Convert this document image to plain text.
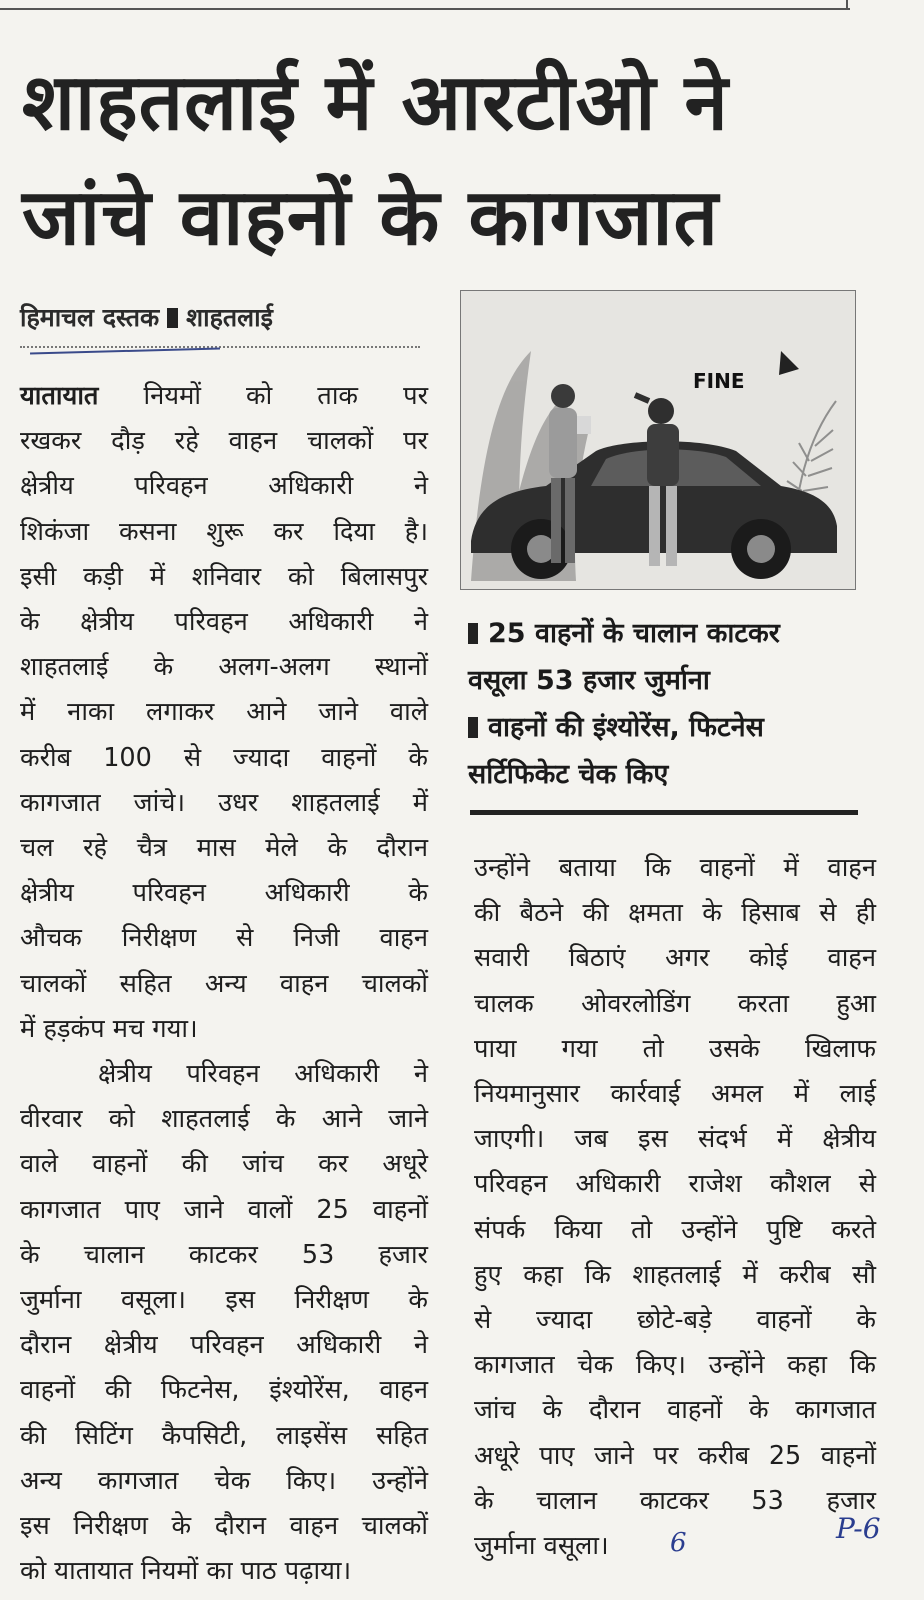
शाहतलाई में आरटीओ ने
जांचे वाहनों के कागजात
हिमाचल दस्तक शाहतलाई
FINE
25 वाहनों के चालान काटकर
वसूला 53 हजार जुर्माना
वाहनों की इंश्योरेंस, फिटनेस
सर्टिफिकेट चेक किए
यातायात नियमों को ताक पर
रखकर दौड़ रहे वाहन चालकों पर
क्षेत्रीय परिवहन अधिकारी ने
शिकंजा कसना शुरू कर दिया है।
इसी कड़ी में शनिवार को बिलासपुर
के क्षेत्रीय परिवहन अधिकारी ने
शाहतलाई के अलग-अलग स्थानों
में नाका लगाकर आने जाने वाले
करीब 100 से ज्यादा वाहनों के
कागजात जांचे। उधर शाहतलाई में
चल रहे चैत्र मास मेले के दौरान
क्षेत्रीय परिवहन अधिकारी के
औचक निरीक्षण से निजी वाहन
चालकों सहित अन्य वाहन चालकों
में हड़कंप मच गया।
क्षेत्रीय परिवहन अधिकारी ने
वीरवार को शाहतलाई के आने जाने
वाले वाहनों की जांच कर अधूरे
कागजात पाए जाने वालों 25 वाहनों
के चालान काटकर 53 हजार
जुर्माना वसूला। इस निरीक्षण के
दौरान क्षेत्रीय परिवहन अधिकारी ने
वाहनों की फिटनेस, इंश्योरेंस, वाहन
की सिटिंग कैपसिटी, लाइसेंस सहित
अन्य कागजात चेक किए। उन्होंने
इस निरीक्षण के दौरान वाहन चालकों
को यातायात नियमों का पाठ पढ़ाया।
उन्होंने बताया कि वाहनों में वाहन
की बैठने की क्षमता के हिसाब से ही
सवारी बिठाएं अगर कोई वाहन
चालक ओवरलोडिंग करता हुआ
पाया गया तो उसके खिलाफ
नियमानुसार कार्रवाई अमल में लाई
जाएगी। जब इस संदर्भ में क्षेत्रीय
परिवहन अधिकारी राजेश कौशल से
संपर्क किया तो उन्होंने पुष्टि करते
हुए कहा कि शाहतलाई में करीब सौ
से ज्यादा छोटे-बड़े वाहनों के
कागजात चेक किए। उन्होंने कहा कि
जांच के दौरान वाहनों के कागजात
अधूरे पाए जाने पर करीब 25 वाहनों
के चालान काटकर 53 हजार
जुर्माना वसूला।	6	P-6
